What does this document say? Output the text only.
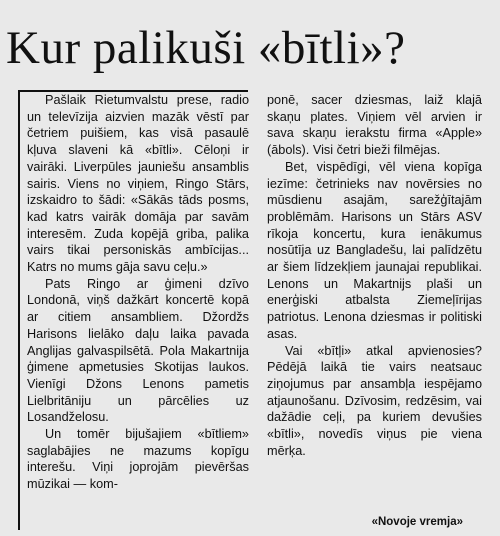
Kur palikuši «bītli»?

Pašlaik Rietumvalstu prese, radio un televīzija aizvien mazāk vēstī par četriem puišiem, kas visā pasaulē kļuva slaveni kā «bītli». Cēloņi ir vairāki. Liverpūles jauniešu ansamblis sairis. Viens no viņiem, Ringo Stārs, izskaidro to šādi: «Sākās tāds posms, kad katrs vairāk domāja par savām interesēm. Zuda kopējā griba, palika vairs tikai personiskās ambīcijas... Katrs no mums gāja savu ceļu.»

Pats Ringo ar ģimeni dzīvo Londonā, viņš dažkārt koncertē kopā ar citiem ansambliem. Džordžs Harisons lielāko daļu laika pavada Anglijas galvaspilsētā. Pola Makartnija ģimene apmetusies Skotijas laukos. Vienīgi Džons Lenons pametis Lielbritāniju un pārcēlies uz Losandželosu.

Un tomēr bijušajiem «bītliem» saglabājies ne mazums kopīgu interešu. Viņi joprojām pievēršas mūzikai — kom-

ponē, sacer dziesmas, laiž klajā skaņu plates. Viņiem vēl arvien ir sava skaņu ierakstu firma «Apple» (ābols). Visi četri bieži filmējas.

Bet, vispēdīgi, vēl viena kopīga iezīme: četrinieks nav novērsies no mūsdienu asajām, sarežģītajām problēmām. Harisons un Stārs ASV rīkoja koncertu, kura ienākumus nosūtīja uz Bangladešu, lai palīdzētu ar šiem līdzekļiem jaunajai republikai. Lenons un Makartnijs plaši un enerģiski atbalsta Ziemeļīrijas patriotus. Lenona dziesmas ir politiski asas.

Vai «bītļi» atkal apvienosies? Pēdējā laikā tie vairs neatsauc ziņojumus par ansambļa iespējamo atjaunošanu. Dzīvosim, redzēsim, vai dažādie ceļi, pa kuriem devušies «bītli», novedīs viņus pie viena mērķa.

«Novoje vremja»
